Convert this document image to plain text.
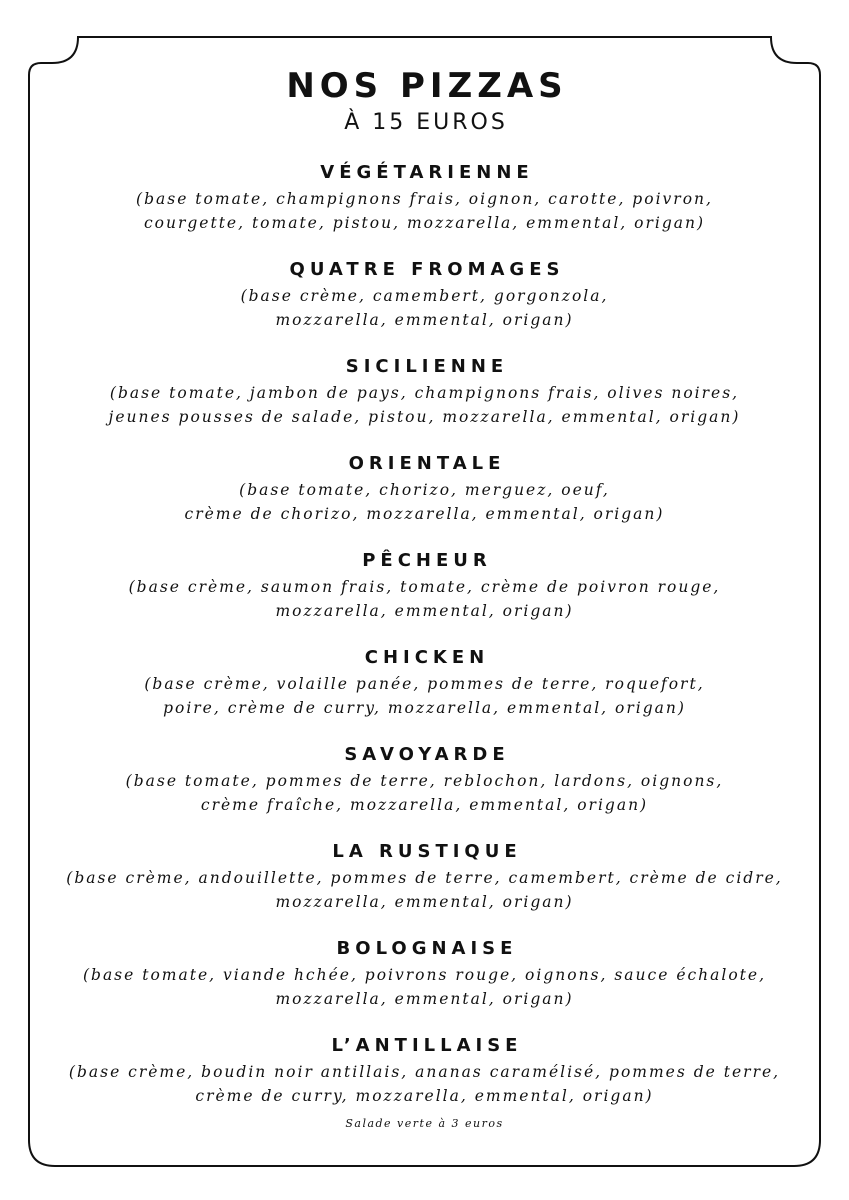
NOS PIZZAS
À 15 EUROS
VÉGÉTARIENNE
(base tomate, champignons frais, oignon, carotte, poivron,
courgette, tomate, pistou, mozzarella, emmental, origan)
QUATRE FROMAGES
(base crème, camembert, gorgonzola,
mozzarella, emmental, origan)
SICILIENNE
(base tomate, jambon de pays, champignons frais, olives noires,
jeunes pousses de salade, pistou, mozzarella, emmental, origan)
ORIENTALE
(base tomate, chorizo, merguez, oeuf,
crème de chorizo, mozzarella, emmental, origan)
PÊCHEUR
(base crème, saumon frais, tomate, crème de poivron rouge,
mozzarella, emmental, origan)
CHICKEN
(base crème, volaille panée, pommes de terre, roquefort,
poire, crème de curry, mozzarella, emmental, origan)
SAVOYARDE
(base tomate, pommes de terre, reblochon, lardons, oignons,
crème fraîche, mozzarella, emmental, origan)
LA RUSTIQUE
(base crème, andouillette, pommes de terre, camembert, crème de cidre,
mozzarella, emmental, origan)
BOLOGNAISE
(base tomate, viande hchée, poivrons rouge, oignons, sauce échalote,
mozzarella, emmental, origan)
L’ANTILLAISE
(base crème, boudin noir antillais, ananas caramélisé, pommes de terre,
crème de curry, mozzarella, emmental, origan)
Salade verte à 3 euros
